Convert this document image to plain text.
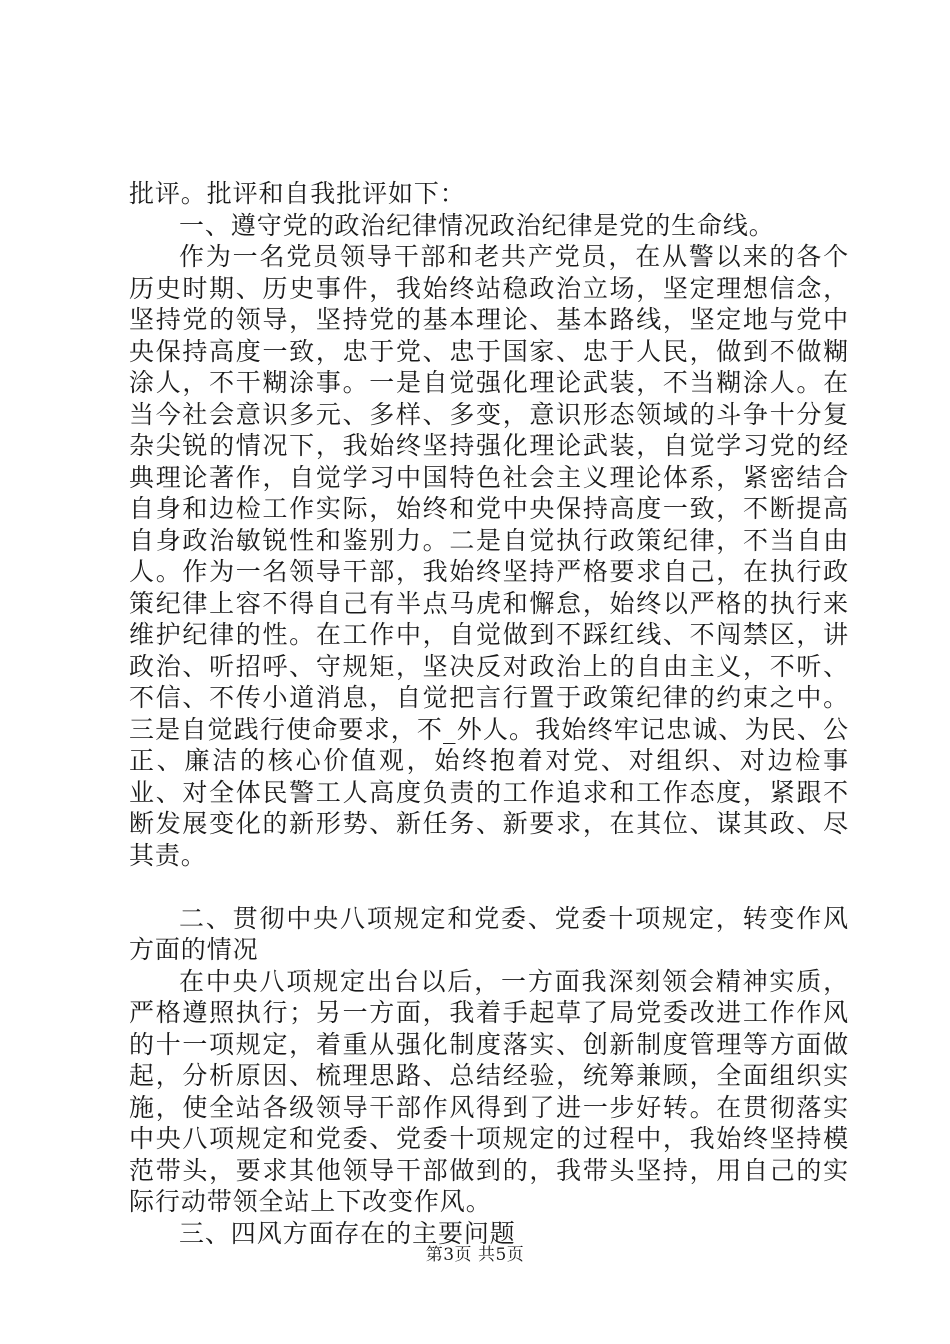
批评。批评和自我批评如下：

一、遵守党的政治纪律情况政治纪律是党的生命线。

作为一名党员领导干部和老共产党员，在从警以来的各个历史时期、历史事件，我始终站稳政治立场，坚定理想信念，坚持党的领导，坚持党的基本理论、基本路线，坚定地与党中央保持高度一致，忠于党、忠于国家、忠于人民，做到不做糊涂人，不干糊涂事。一是自觉强化理论武装，不当糊涂人。在当今社会意识多元、多样、多变，意识形态领域的斗争十分复杂尖锐的情况下，我始终坚持强化理论武装，自觉学习党的经典理论著作，自觉学习中国特色社会主义理论体系，紧密结合自身和边检工作实际，始终和党中央保持高度一致，不断提高自身政治敏锐性和鉴别力。二是自觉执行政策纪律，不当自由人。作为一名领导干部，我始终坚持严格要求自己，在执行政策纪律上容不得自己有半点马虎和懈怠，始终以严格的执行来维护纪律的性。在工作中，自觉做到不踩红线、不闯禁区，讲政治、听招呼、守规矩，坚决反对政治上的自由主义，不听、不信、不传小道消息，自觉把言行置于政策纪律的约束之中。三是自觉践行使命要求，不_外人。我始终牢记忠诚、为民、公正、廉洁的核心价值观，始终抱着对党、对组织、对边检事业、对全体民警工人高度负责的工作追求和工作态度，紧跟不断发展变化的新形势、新任务、新要求，在其位、谋其政、尽其责。

二、贯彻中央八项规定和党委、党委十项规定，转变作风方面的情况

在中央八项规定出台以后，一方面我深刻领会精神实质，严格遵照执行；另一方面，我着手起草了局党委改进工作作风的十一项规定，着重从强化制度落实、创新制度管理等方面做起，分析原因、梳理思路、总结经验，统筹兼顾，全面组织实施，使全站各级领导干部作风得到了进一步好转。在贯彻落实中央八项规定和党委、党委十项规定的过程中，我始终坚持模范带头，要求其他领导干部做到的，我带头坚持，用自己的实际行动带领全站上下改变作风。

三、四风方面存在的主要问题

第3页 共5页
